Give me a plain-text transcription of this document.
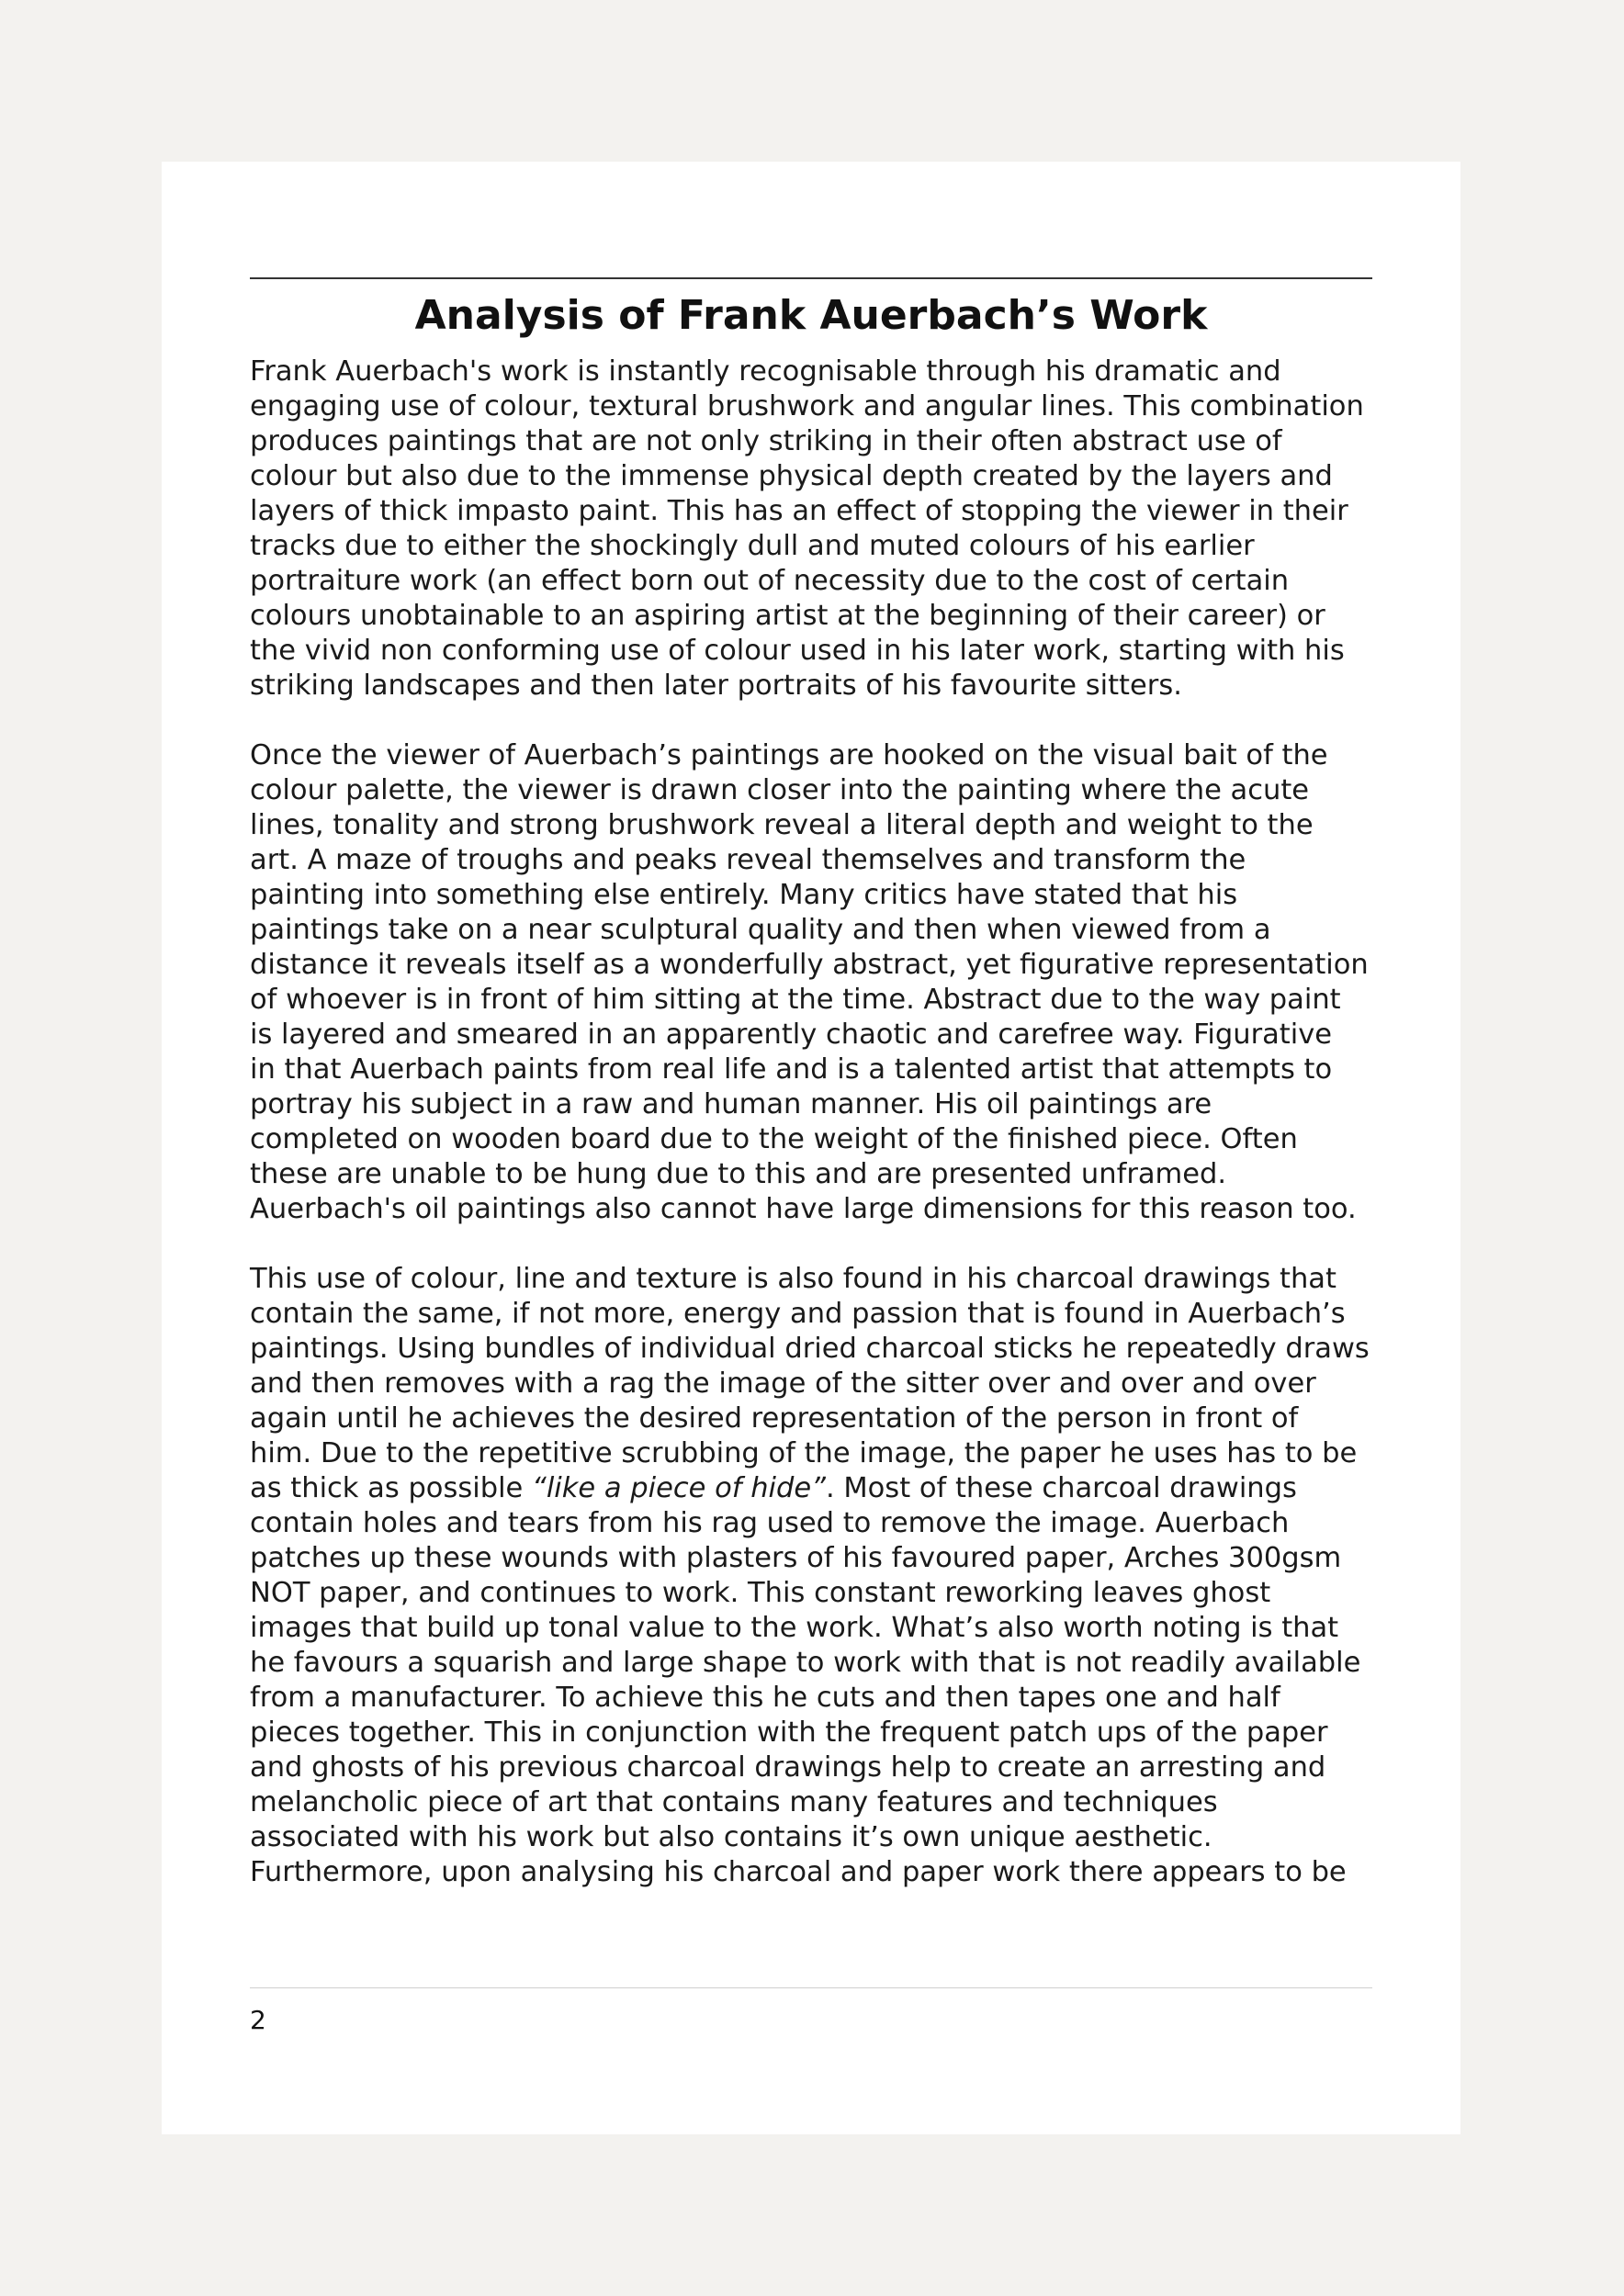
Analysis of Frank Auerbach’s Work

Frank Auerbach's work is instantly recognisable through his dramatic and
engaging use of colour, textural brushwork and angular lines. This combination
produces paintings that are not only striking in their often abstract use of
colour but also due to the immense physical depth created by the layers and
layers of thick impasto paint. This has an effect of stopping the viewer in their
tracks due to either the shockingly dull and muted colours of his earlier
portraiture work (an effect born out of necessity due to the cost of certain
colours unobtainable to an aspiring artist at the beginning of their career) or
the vivid non conforming use of colour used in his later work, starting with his
striking landscapes and then later portraits of his favourite sitters.

Once the viewer of Auerbach’s paintings are hooked on the visual bait of the
colour palette, the viewer is drawn closer into the painting where the acute
lines, tonality and strong brushwork reveal a literal depth and weight to the
art. A maze of troughs and peaks reveal themselves and transform the
painting into something else entirely. Many critics have stated that his
paintings take on a near sculptural quality and then when viewed from a
distance it reveals itself as a wonderfully abstract, yet figurative representation
of whoever is in front of him sitting at the time. Abstract due to the way paint
is layered and smeared in an apparently chaotic and carefree way. Figurative
in that Auerbach paints from real life and is a talented artist that attempts to
portray his subject in a raw and human manner. His oil paintings are
completed on wooden board due to the weight of the finished piece. Often
these are unable to be hung due to this and are presented unframed.
Auerbach's oil paintings also cannot have large dimensions for this reason too.

This use of colour, line and texture is also found in his charcoal drawings that
contain the same, if not more, energy and passion that is found in Auerbach’s
paintings. Using bundles of individual dried charcoal sticks he repeatedly draws
and then removes with a rag the image of the sitter over and over and over
again until he achieves the desired representation of the person in front of
him. Due to the repetitive scrubbing of the image, the paper he uses has to be
as thick as possible “like a piece of hide”. Most of these charcoal drawings
contain holes and tears from his rag used to remove the image. Auerbach
patches up these wounds with plasters of his favoured paper, Arches 300gsm
NOT paper, and continues to work. This constant reworking leaves ghost
images that build up tonal value to the work. What’s also worth noting is that
he favours a squarish and large shape to work with that is not readily available
from a manufacturer. To achieve this he cuts and then tapes one and half
pieces together. This in conjunction with the frequent patch ups of the paper
and ghosts of his previous charcoal drawings help to create an arresting and
melancholic piece of art that contains many features and techniques
associated with his work but also contains it’s own unique aesthetic.
Furthermore, upon analysing his charcoal and paper work there appears to be

2
